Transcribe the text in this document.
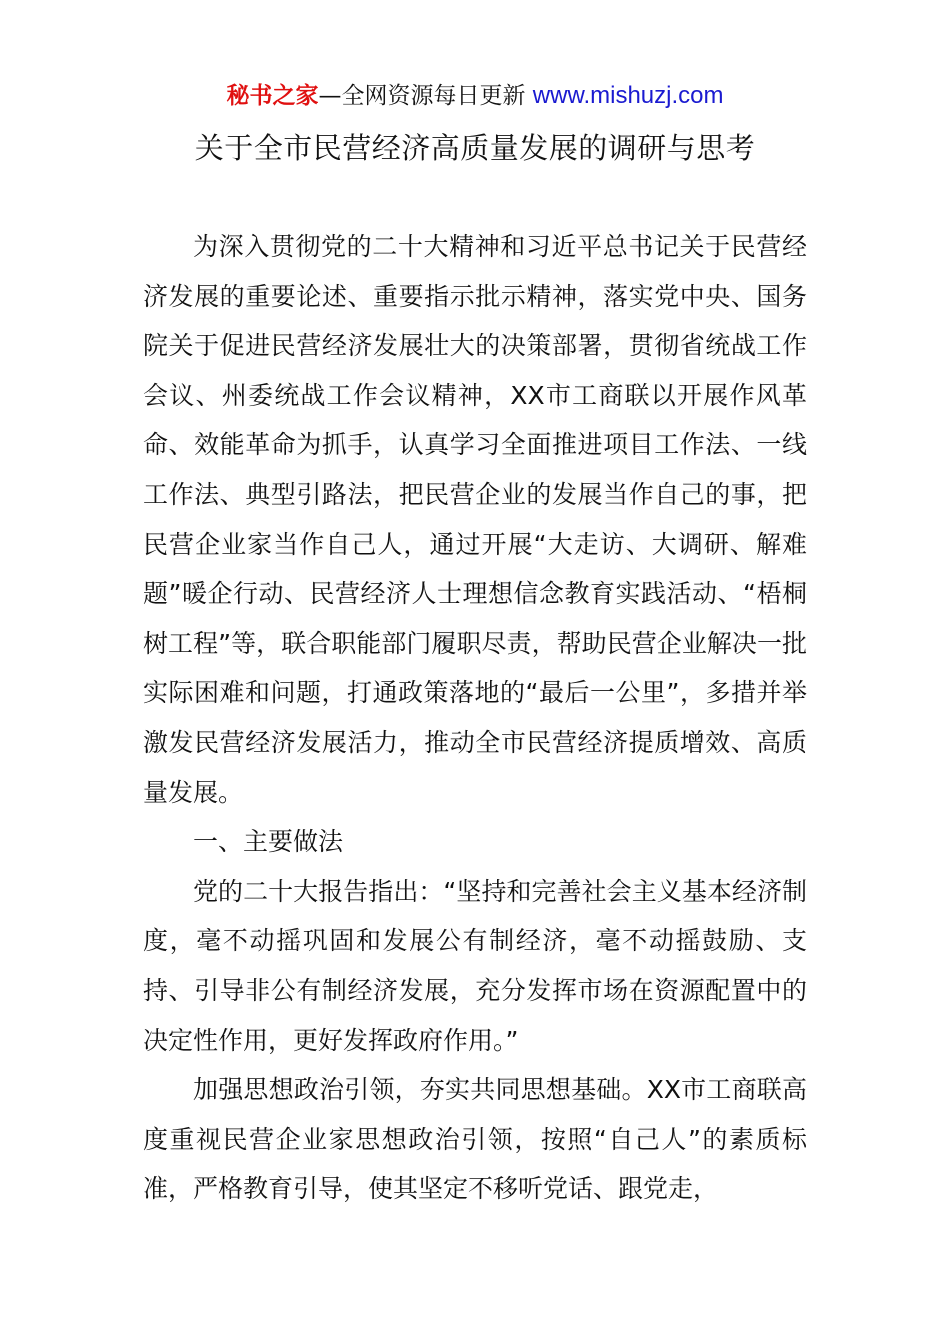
秘书之家—全网资源每日更新 www.mishuzj.com
关于全市民营经济高质量发展的调研与思考

为深入贯彻党的二十大精神和习近平总书记关于民营经济发展的重要论述、重要指示批示精神，落实党中央、国务院关于促进民营经济发展壮大的决策部署，贯彻省统战工作会议、州委统战工作会议精神，XX市工商联以开展作风革命、效能革命为抓手，认真学习全面推进项目工作法、一线工作法、典型引路法，把民营企业的发展当作自己的事，把民营企业家当作自己人，通过开展“大走访、大调研、解难题”暖企行动、民营经济人士理想信念教育实践活动、“梧桐树工程”等，联合职能部门履职尽责，帮助民营企业解决一批实际困难和问题，打通政策落地的“最后一公里”，多措并举激发民营经济发展活力，推动全市民营经济提质增效、高质量发展。

一、主要做法

党的二十大报告指出：“坚持和完善社会主义基本经济制度，毫不动摇巩固和发展公有制经济，毫不动摇鼓励、支持、引导非公有制经济发展，充分发挥市场在资源配置中的决定性作用，更好发挥政府作用。”

加强思想政治引领，夯实共同思想基础。XX市工商联高度重视民营企业家思想政治引领，按照“自己人”的素质标准，严格教育引导，使其坚定不移听党话、跟党走，
